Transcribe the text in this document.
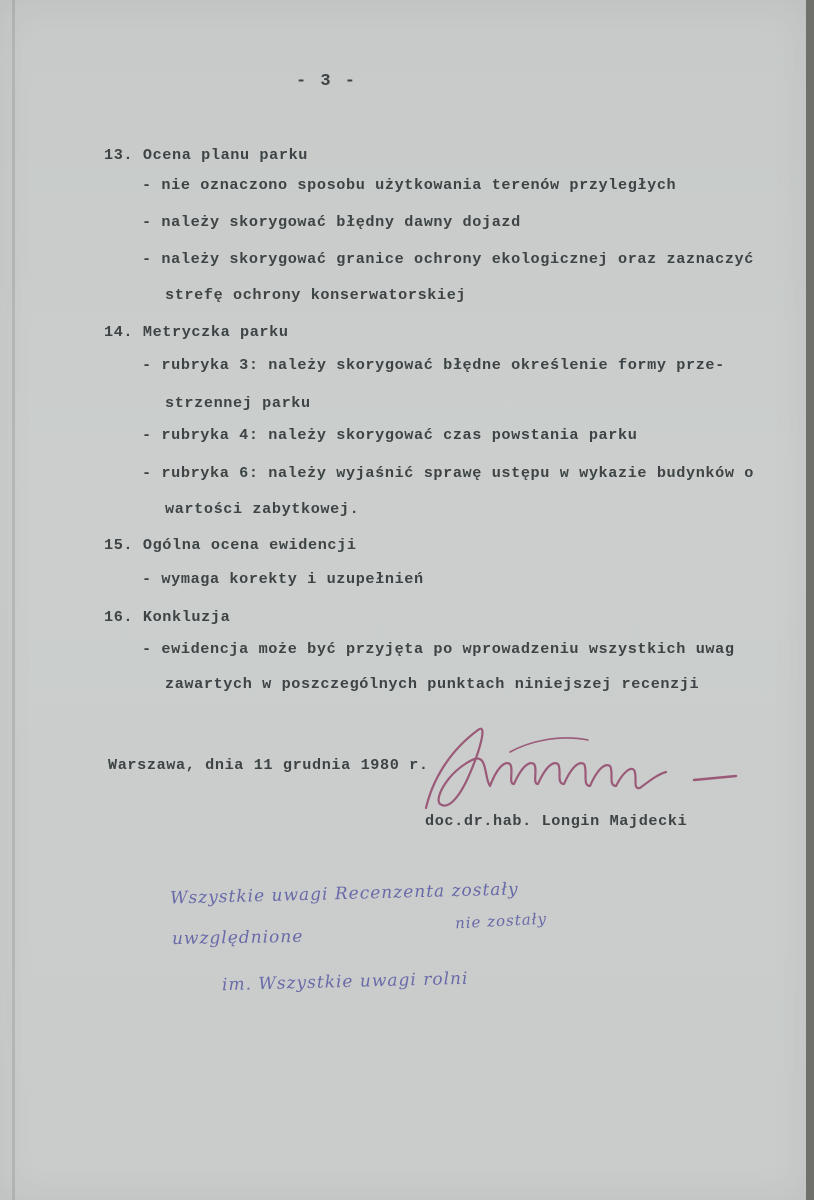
- 3 -
13. Ocena planu parku
- nie oznaczono sposobu użytkowania terenów przyległych
- należy skorygować błędny dawny dojazd
- należy skorygować granice ochrony ekologicznej oraz zaznaczyć
strefę ochrony konserwatorskiej
14. Metryczka parku
- rubryka 3: należy skorygować błędne określenie formy prze-
strzennej parku
- rubryka 4: należy skorygować czas powstania parku
- rubryka 6: należy wyjaśnić sprawę ustępu w wykazie budynków o
wartości zabytkowej.
15. Ogólna ocena ewidencji
- wymaga korekty i uzupełnień
16. Konkluzja
- ewidencja może być przyjęta po wprowadzeniu wszystkich uwag
zawartych w poszczególnych punktach niniejszej recenzji
Warszawa, dnia 11 grudnia 1980 r.
doc.dr.hab. Longin Majdecki
Wszystkie uwagi Recenzenta zostały
nie zostały
uwzględnione
im. Wszystkie uwagi rolni
